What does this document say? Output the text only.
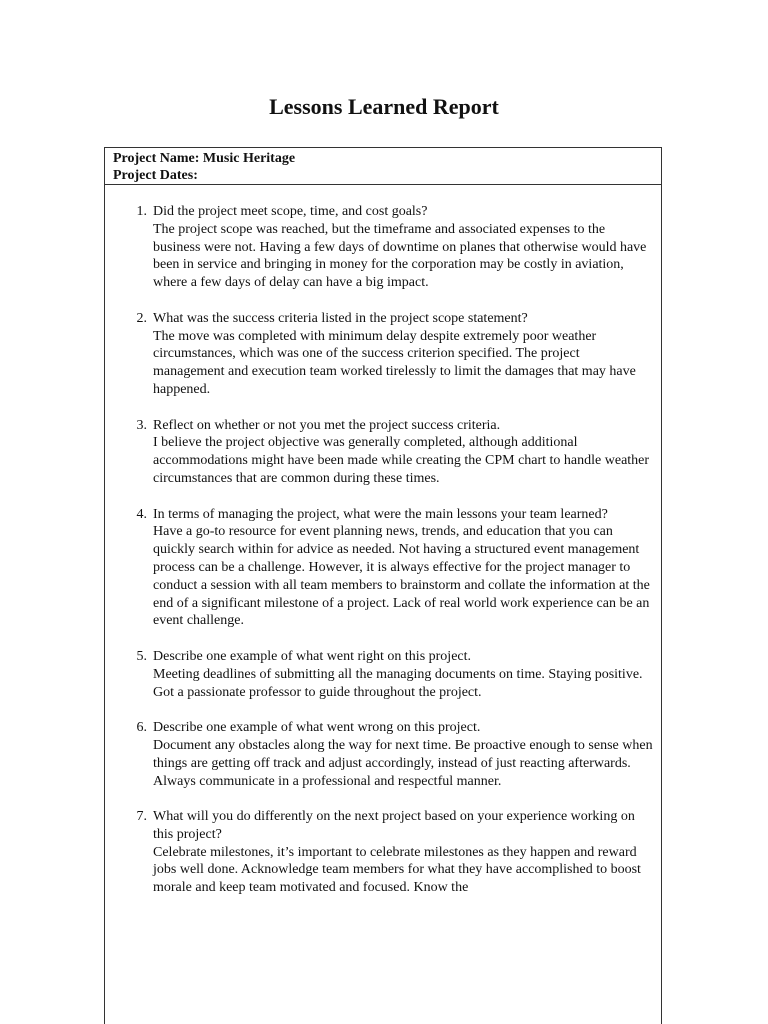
Lessons Learned Report
Project Name: Music Heritage
Project Dates:
1. Did the project meet scope, time, and cost goals?

The project scope was reached, but the timeframe and associated expenses to the business were not. Having a few days of downtime on planes that otherwise would have been in service and bringing in money for the corporation may be costly in aviation, where a few days of delay can have a big impact.

2. What was the success criteria listed in the project scope statement?

The move was completed with minimum delay despite extremely poor weather circumstances, which was one of the success criterion specified. The project management and execution team worked tirelessly to limit the damages that may have happened.

3. Reflect on whether or not you met the project success criteria.

I believe the project objective was generally completed, although additional accommodations might have been made while creating the CPM chart to handle weather circumstances that are common during these times.

4. In terms of managing the project, what were the main lessons your team learned?

Have a go-to resource for event planning news, trends, and education that you can quickly search within for advice as needed. Not having a structured event management process can be a challenge. However, it is always effective for the project manager to conduct a session with all team members to brainstorm and collate the information at the end of a significant milestone of a project. Lack of real world work experience can be an event challenge.

5. Describe one example of what went right on this project.

Meeting deadlines of submitting all the managing documents on time. Staying positive. Got a passionate professor to guide throughout the project.

6. Describe one example of what went wrong on this project.

Document any obstacles along the way for next time. Be proactive enough to sense when things are getting off track and adjust accordingly, instead of just reacting afterwards. Always communicate in a professional and respectful manner.

7. What will you do differently on the next project based on your experience working on this project?

Celebrate milestones, it’s important to celebrate milestones as they happen and reward jobs well done. Acknowledge team members for what they have accomplished to boost morale and keep team motivated and focused. Know the
